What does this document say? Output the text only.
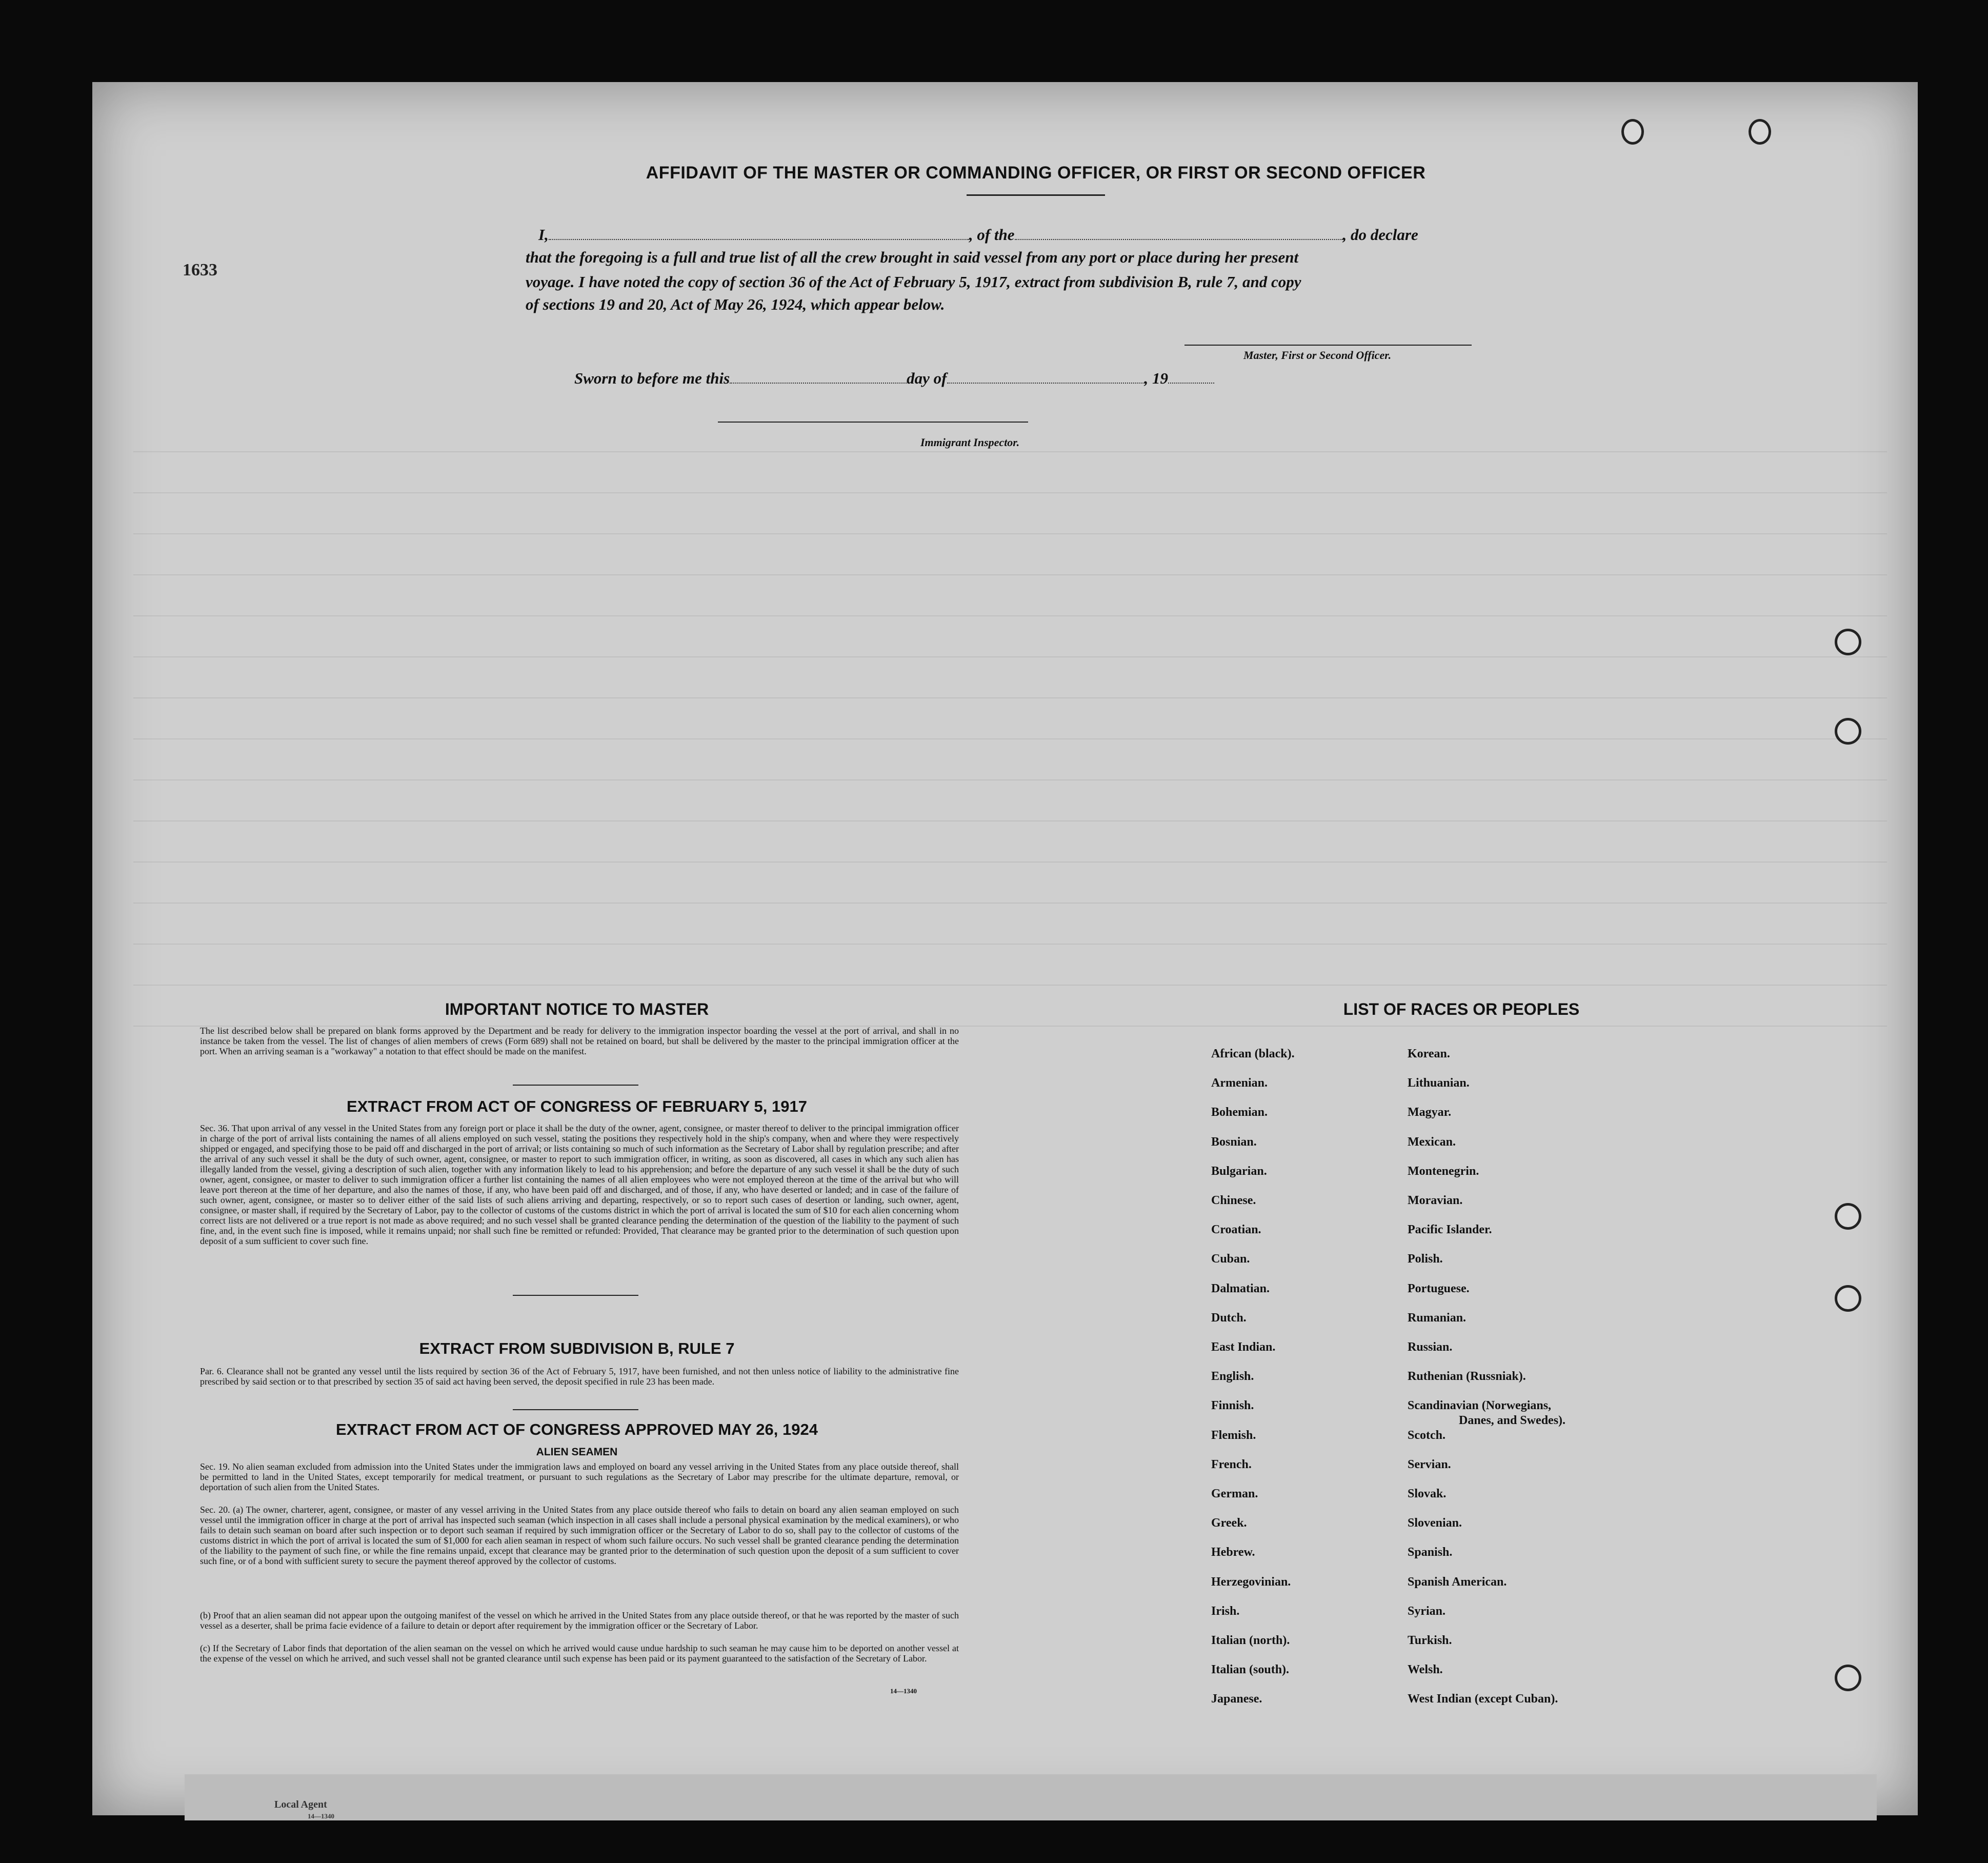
1633
Local Agent
14—1340
AFFIDAVIT OF THE MASTER OR COMMANDING OFFICER, OR FIRST OR SECOND OFFICER
I,	, of the	, do declare
that the foregoing is a full and true list of all the crew brought in said vessel from any port or place during her present
voyage. I have noted the copy of section 36 of the Act of February 5, 1917, extract from subdivision B, rule 7, and copy
of sections 19 and 20, Act of May 26, 1924, which appear below.
Master, First or Second Officer.
Sworn to before me this	day of	, 19
Immigrant Inspector.
IMPORTANT NOTICE TO MASTER

The list described below shall be prepared on blank forms approved by the Department and be ready for delivery to the immigration inspector boarding the vessel at the port of arrival, and shall in no instance be taken from the vessel. The list of changes of alien members of crews (Form 689) shall not be retained on board, but shall be delivered by the master to the principal immigration officer at the port. When an arriving seaman is a "workaway" a notation to that effect should be made on the manifest.

EXTRACT FROM ACT OF CONGRESS OF FEBRUARY 5, 1917

Sec. 36. That upon arrival of any vessel in the United States from any foreign port or place it shall be the duty of the owner, agent, consignee, or master thereof to deliver to the principal immigration officer in charge of the port of arrival lists containing the names of all aliens employed on such vessel, stating the positions they respectively hold in the ship's company, when and where they were respectively shipped or engaged, and specifying those to be paid off and discharged in the port of arrival; or lists containing so much of such information as the Secretary of Labor shall by regulation prescribe; and after the arrival of any such vessel it shall be the duty of such owner, agent, consignee, or master to report to such immigration officer, in writing, as soon as discovered, all cases in which any such alien has illegally landed from the vessel, giving a description of such alien, together with any information likely to lead to his apprehension; and before the departure of any such vessel it shall be the duty of such owner, agent, consignee, or master to deliver to such immigration officer a further list containing the names of all alien employees who were not employed thereon at the time of the arrival but who will leave port thereon at the time of her departure, and also the names of those, if any, who have been paid off and discharged, and of those, if any, who have deserted or landed; and in case of the failure of such owner, agent, consignee, or master so to deliver either of the said lists of such aliens arriving and departing, respectively, or so to report such cases of desertion or landing, such owner, agent, consignee, or master shall, if required by the Secretary of Labor, pay to the collector of customs of the customs district in which the port of arrival is located the sum of $10 for each alien concerning whom correct lists are not delivered or a true report is not made as above required; and no such vessel shall be granted clearance pending the determination of the question of the liability to the payment of such fine, and, in the event such fine is imposed, while it remains unpaid; nor shall such fine be remitted or refunded: Provided, That clearance may be granted prior to the determination of such question upon deposit of a sum sufficient to cover such fine.

EXTRACT FROM SUBDIVISION B, RULE 7

Par. 6. Clearance shall not be granted any vessel until the lists required by section 36 of the Act of February 5, 1917, have been furnished, and not then unless notice of liability to the administrative fine prescribed by said section or to that prescribed by section 35 of said act having been served, the deposit specified in rule 23 has been made.

EXTRACT FROM ACT OF CONGRESS APPROVED MAY 26, 1924
ALIEN SEAMEN

Sec. 19. No alien seaman excluded from admission into the United States under the immigration laws and employed on board any vessel arriving in the United States from any place outside thereof, shall be permitted to land in the United States, except temporarily for medical treatment, or pursuant to such regulations as the Secretary of Labor may prescribe for the ultimate departure, removal, or deportation of such alien from the United States.

Sec. 20. (a) The owner, charterer, agent, consignee, or master of any vessel arriving in the United States from any place outside thereof who fails to detain on board any alien seaman employed on such vessel until the immigration officer in charge at the port of arrival has inspected such seaman (which inspection in all cases shall include a personal physical examination by the medical examiners), or who fails to detain such seaman on board after such inspection or to deport such seaman if required by such immigration officer or the Secretary of Labor to do so, shall pay to the collector of customs of the customs district in which the port of arrival is located the sum of $1,000 for each alien seaman in respect of whom such failure occurs. No such vessel shall be granted clearance pending the determination of the liability to the payment of such fine, or while the fine remains unpaid, except that clearance may be granted prior to the determination of such question upon the deposit of a sum sufficient to cover such fine, or of a bond with sufficient surety to secure the payment thereof approved by the collector of customs.

(b) Proof that an alien seaman did not appear upon the outgoing manifest of the vessel on which he arrived in the United States from any place outside thereof, or that he was reported by the master of such vessel as a deserter, shall be prima facie evidence of a failure to detain or deport after requirement by the immigration officer or the Secretary of Labor.

(c) If the Secretary of Labor finds that deportation of the alien seaman on the vessel on which he arrived would cause undue hardship to such seaman he may cause him to be deported on another vessel at the expense of the vessel on which he arrived, and such vessel shall not be granted clearance until such expense has been paid or its payment guaranteed to the satisfaction of the Secretary of Labor.

14—1340
LIST OF RACES OR PEOPLES
African (black).
Armenian.
Bohemian.
Bosnian.
Bulgarian.
Chinese.
Croatian.
Cuban.
Dalmatian.
Dutch.
East Indian.
English.
Finnish.
Flemish.
French.
German.
Greek.
Hebrew.
Herzegovinian.
Irish.
Italian (north).
Italian (south).
Japanese.
Korean.
Lithuanian.
Magyar.
Mexican.
Montenegrin.
Moravian.
Pacific Islander.
Polish.
Portuguese.
Rumanian.
Russian.
Ruthenian (Russniak).
Scandinavian (Norwegians,
Danes, and Swedes).
Scotch.
Servian.
Slovak.
Slovenian.
Spanish.
Spanish American.
Syrian.
Turkish.
Welsh.
West Indian (except Cuban).
